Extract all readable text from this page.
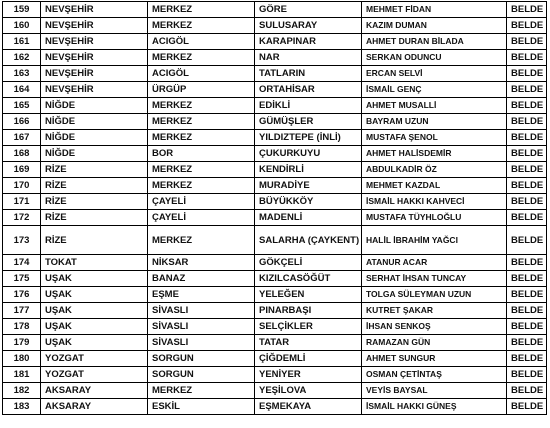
159	NEVŞEHİR	MERKEZ	GÖRE	MEHMET FİDAN	BELDE
160	NEVŞEHİR	MERKEZ	SULUSARAY	KAZIM DUMAN	BELDE
161	NEVŞEHİR	ACIGÖL	KARAPINAR	AHMET DURAN BİLADA	BELDE
162	NEVŞEHİR	MERKEZ	NAR	SERKAN ODUNCU	BELDE
163	NEVŞEHİR	ACIGÖL	TATLARIN	ERCAN SELVİ	BELDE
164	NEVŞEHİR	ÜRGÜP	ORTAHİSAR	İSMAİL GENÇ	BELDE
165	NİĞDE	MERKEZ	EDİKLİ	AHMET MUSALLİ	BELDE
166	NİĞDE	MERKEZ	GÜMÜŞLER	BAYRAM UZUN	BELDE
167	NİĞDE	MERKEZ	YILDIZTEPE (İNLİ)	MUSTAFA ŞENOL	BELDE
168	NİĞDE	BOR	ÇUKURKUYU	AHMET HALİSDEMİR	BELDE
169	RİZE	MERKEZ	KENDİRLİ	ABDULKADİR ÖZ	BELDE
170	RİZE	MERKEZ	MURADİYE	MEHMET KAZDAL	BELDE
171	RİZE	ÇAYELİ	BÜYÜKKÖY	İSMAİL HAKKI KAHVECİ	BELDE
172	RİZE	ÇAYELİ	MADENLİ	MUSTAFA TÜYHLOĞLU	BELDE
173	RİZE	MERKEZ	SALARHA (ÇAYKENT)	HALİL İBRAHİM YAĞCI	BELDE
174	TOKAT	NİKSAR	GÖKÇELİ	ATANUR ACAR	BELDE
175	UŞAK	BANAZ	KIZILCASÖĞÜT	SERHAT İHSAN TUNCAY	BELDE
176	UŞAK	EŞME	YELEĞEN	TOLGA SÜLEYMAN UZUN	BELDE
177	UŞAK	SİVASLI	PINARBAŞI	KUTRET ŞAKAR	BELDE
178	UŞAK	SİVASLI	SELÇİKLER	İHSAN SENKOŞ	BELDE
179	UŞAK	SİVASLI	TATAR	RAMAZAN GÜN	BELDE
180	YOZGAT	SORGUN	ÇİĞDEMLİ	AHMET SUNGUR	BELDE
181	YOZGAT	SORGUN	YENİYER	OSMAN ÇETİNTAŞ	BELDE
182	AKSARAY	MERKEZ	YEŞİLOVA	VEYİS BAYSAL	BELDE
183	AKSARAY	ESKİL	EŞMEKAYA	İSMAİL HAKKI GÜNEŞ	BELDE
